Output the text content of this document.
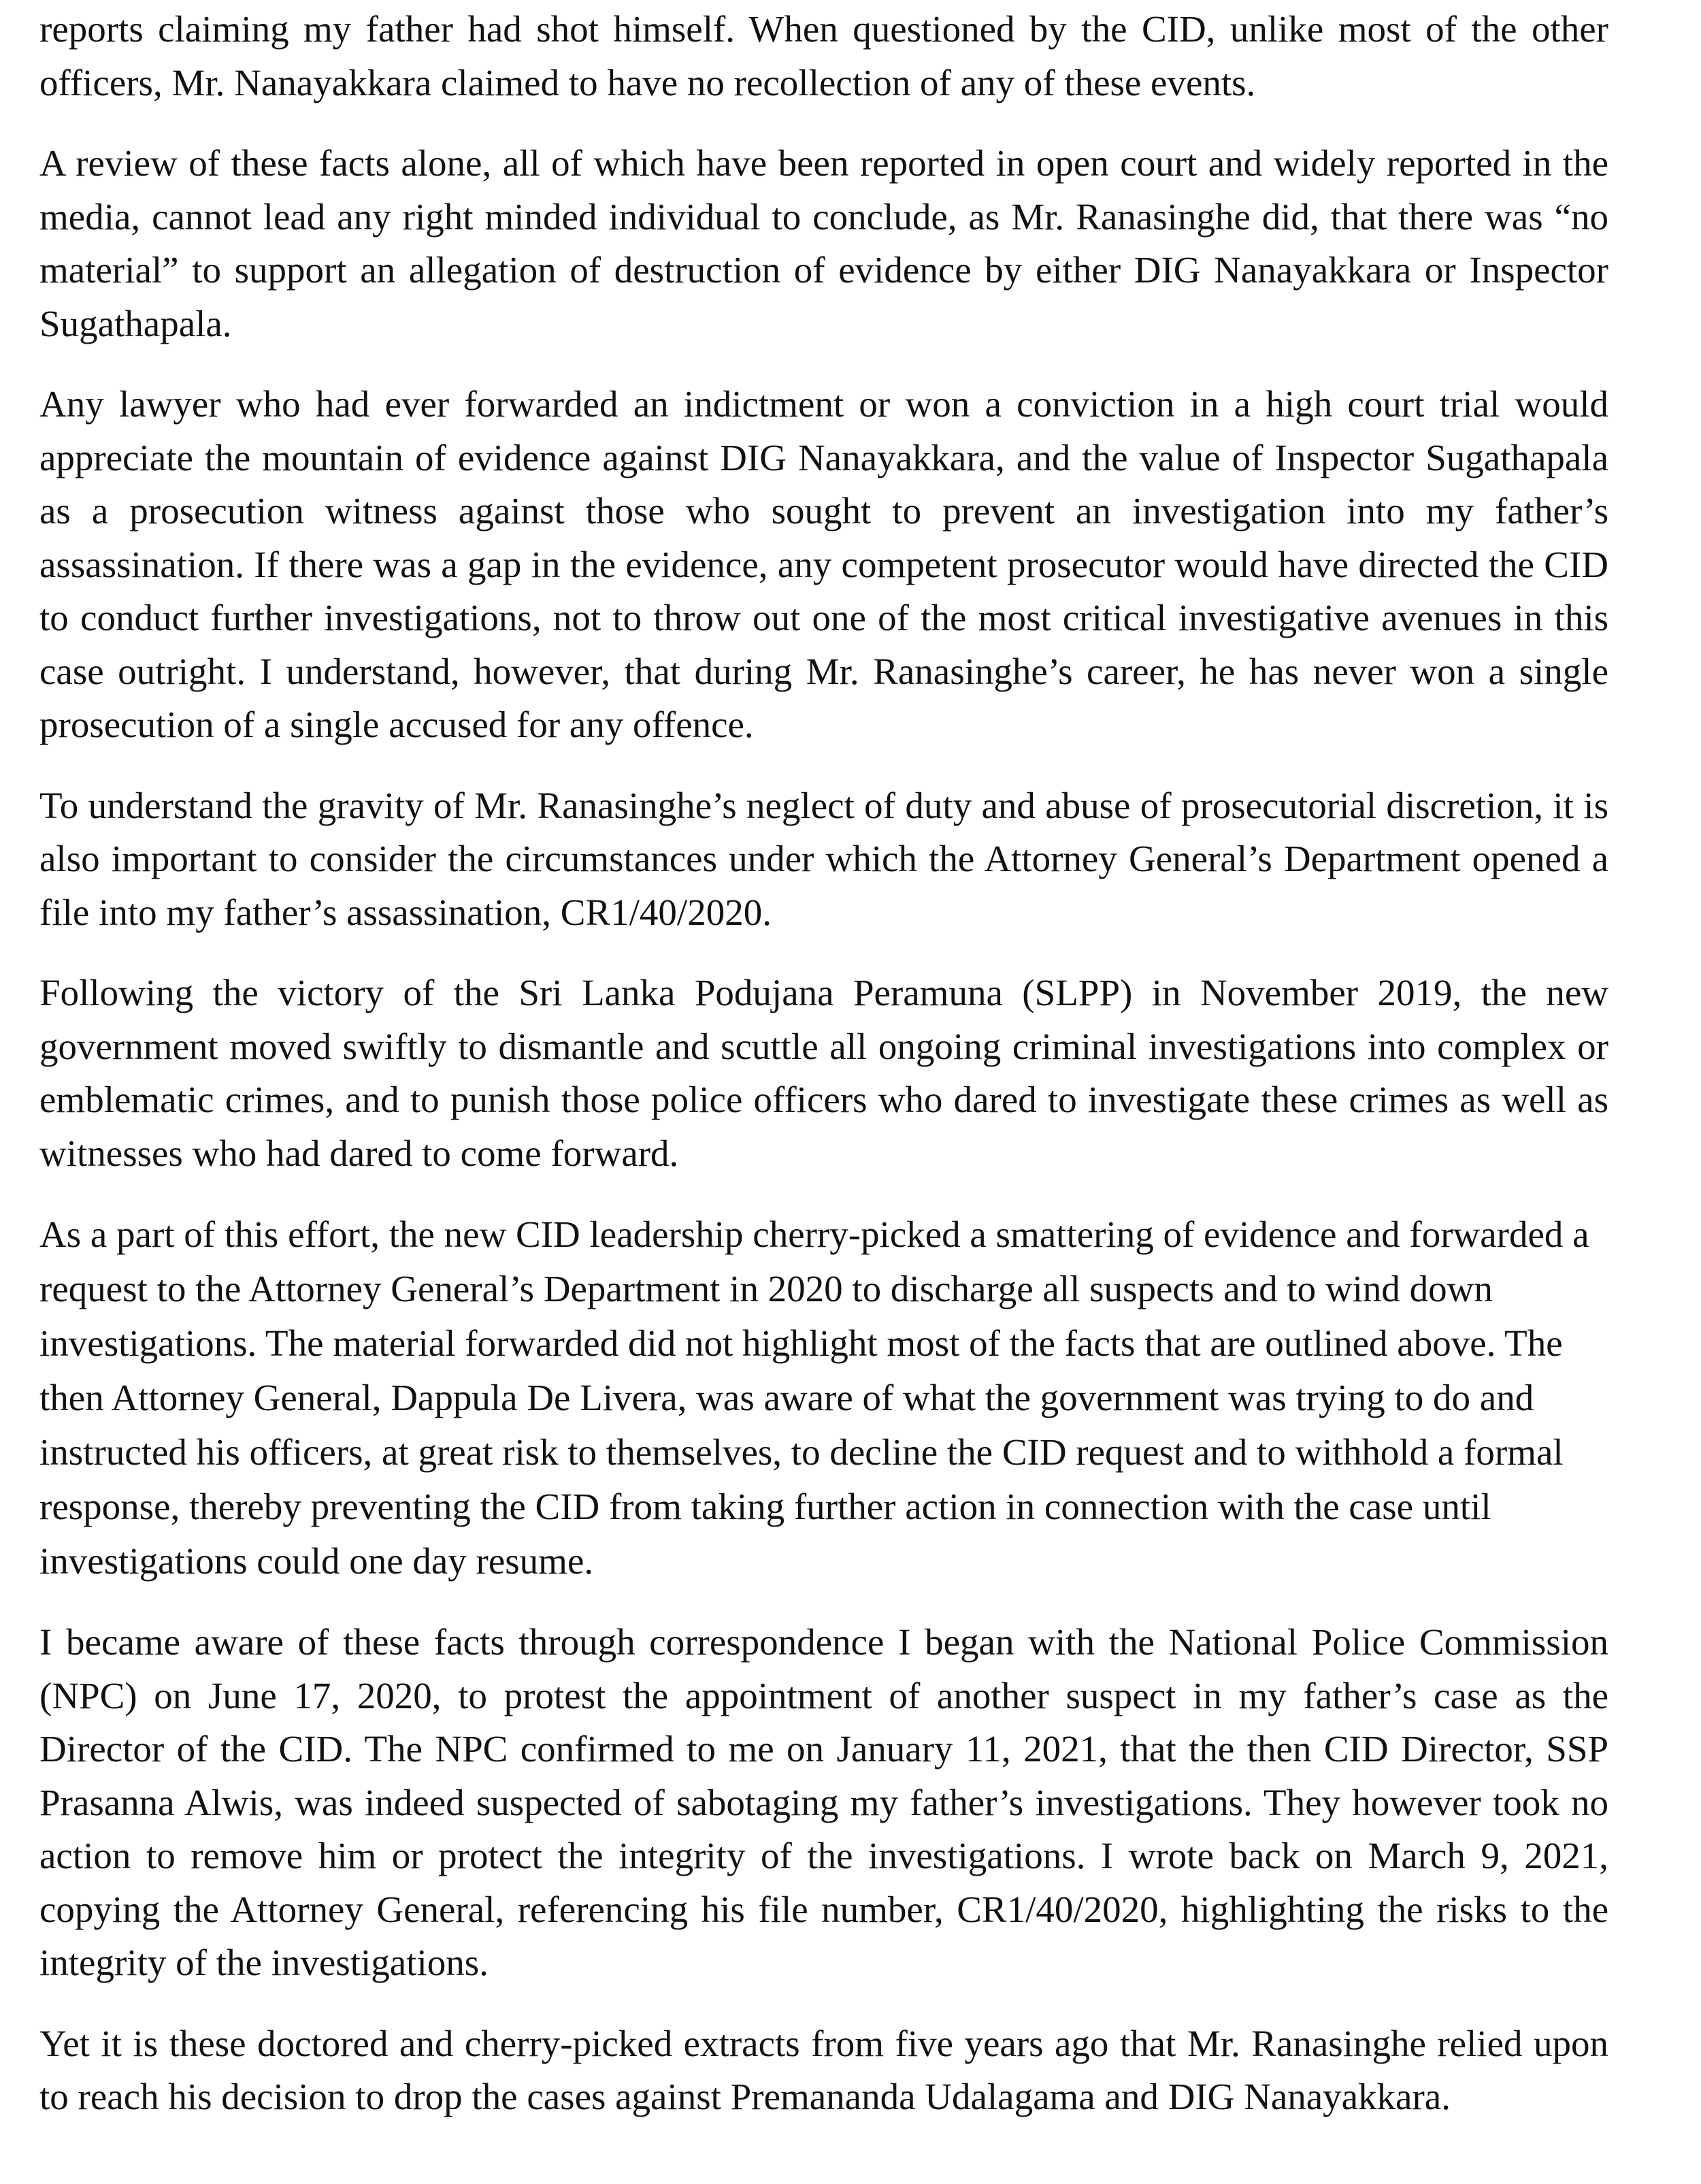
reports claiming my father had shot himself. When questioned by the CID, unlike most of the other officers, Mr. Nanayakkara claimed to have no recollection of any of these events.

A review of these facts alone, all of which have been reported in open court and widely reported in the media, cannot lead any right minded individual to conclude, as Mr. Ranasinghe did, that there was “no material” to support an allegation of destruction of evidence by either DIG Nanayakkara or Inspector Sugathapala.

Any lawyer who had ever forwarded an indictment or won a conviction in a high court trial would appreciate the mountain of evidence against DIG Nanayakkara, and the value of Inspector Sugathapala as a prosecution witness against those who sought to prevent an investigation into my father’s assassination. If there was a gap in the evidence, any competent prosecutor would have directed the CID to conduct further investigations, not to throw out one of the most critical investigative avenues in this case outright. I understand, however, that during Mr. Ranasinghe’s career, he has never won a single prosecution of a single accused for any offence.

To understand the gravity of Mr. Ranasinghe’s neglect of duty and abuse of prosecutorial discretion, it is also important to consider the circumstances under which the Attorney General’s Department opened a file into my father’s assassination, CR1/40/2020.

Following the victory of the Sri Lanka Podujana Peramuna (SLPP) in November 2019, the new government moved swiftly to dismantle and scuttle all ongoing criminal investigations into complex or emblematic crimes, and to punish those police officers who dared to investigate these crimes as well as witnesses who had dared to come forward.

As a part of this effort, the new CID leadership cherry-picked a smattering of evidence and forwarded a request to the Attorney General’s Department in 2020 to discharge all suspects and to wind down investigations. The material forwarded did not highlight most of the facts that are outlined above. The then Attorney General, Dappula De Livera, was aware of what the government was trying to do and instructed his officers, at great risk to themselves, to decline the CID request and to withhold a formal response, thereby preventing the CID from taking further action in connection with the case until investigations could one day resume.

I became aware of these facts through correspondence I began with the National Police Commission (NPC) on June 17, 2020, to protest the appointment of another suspect in my father’s case as the Director of the CID. The NPC confirmed to me on January 11, 2021, that the then CID Director, SSP Prasanna Alwis, was indeed suspected of sabotaging my father’s investigations. They however took no action to remove him or protect the integrity of the investigations. I wrote back on March 9, 2021, copying the Attorney General, referencing his file number, CR1/40/2020, highlighting the risks to the integrity of the investigations.

Yet it is these doctored and cherry-picked extracts from five years ago that Mr. Ranasinghe relied upon to reach his decision to drop the cases against Premananda Udalagama and DIG Nanayakkara.
